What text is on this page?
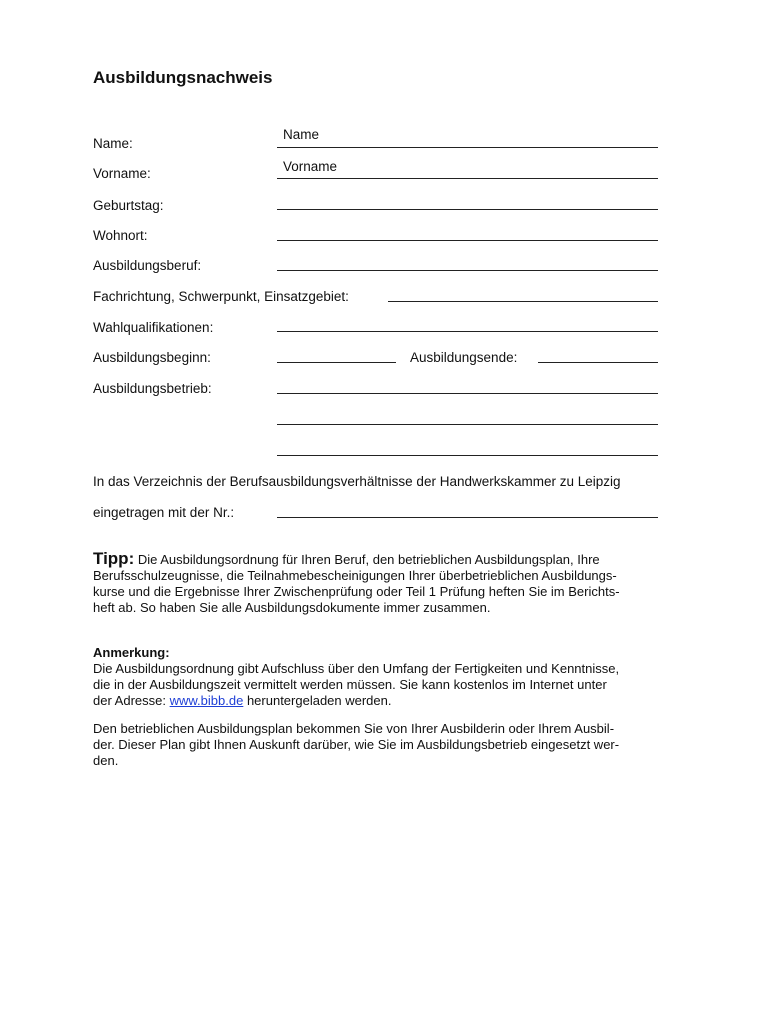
Ausbildungsnachweis
Name:
Name
Vorname:	Vorname
Geburtstag:
Wohnort:
Ausbildungsberuf:
Fachrichtung, Schwerpunkt, Einsatzgebiet:
Wahlqualifikationen:
Ausbildungsbeginn:	Ausbildungsende:
Ausbildungsbetrieb:
In das Verzeichnis der Berufsausbildungsverhältnisse der Handwerkskammer zu Leipzig
eingetragen mit der Nr.:
Tipp: Die Ausbildungsordnung für Ihren Beruf, den betrieblichen Ausbildungsplan, Ihre
Berufsschulzeugnisse, die Teilnahmebescheinigungen Ihrer überbetrieblichen Ausbildungs-
kurse und die Ergebnisse Ihrer Zwischenprüfung oder Teil 1 Prüfung heften Sie im Berichts-
heft ab. So haben Sie alle Ausbildungsdokumente immer zusammen.
Anmerkung:
Die Ausbildungsordnung gibt Aufschluss über den Umfang der Fertigkeiten und Kenntnisse,
die in der Ausbildungszeit vermittelt werden müssen. Sie kann kostenlos im Internet unter
der Adresse: www.bibb.de heruntergeladen werden.
Den betrieblichen Ausbildungsplan bekommen Sie von Ihrer Ausbilderin oder Ihrem Ausbil-
der. Dieser Plan gibt Ihnen Auskunft darüber, wie Sie im Ausbildungsbetrieb eingesetzt wer-
den.
